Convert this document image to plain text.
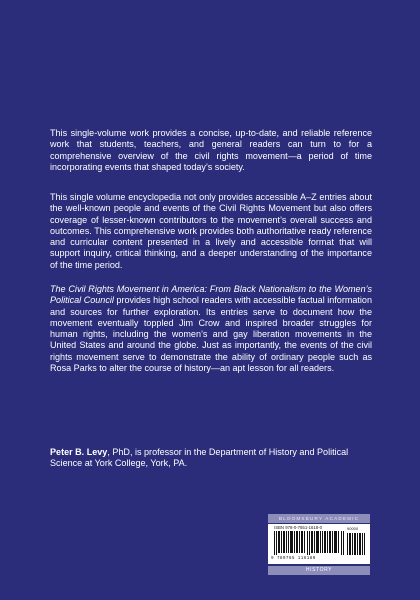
This single-volume work provides a concise, up-to-date, and reliable reference work that students, teachers, and general readers can turn to for a comprehensive overview of the civil rights movement—a period of time incorporating events that shaped today’s society.

This single volume encyclopedia not only provides accessible A–Z entries about the well-known people and events of the Civil Rights Movement but also offers coverage of lesser-known contributors to the movement’s overall success and outcomes. This comprehensive work provides both authoritative ready reference and curricular content presented in a lively and accessible format that will support inquiry, critical thinking, and a deeper understanding of the importance of the time period.

The Civil Rights Movement in America: From Black Nationalism to the Women’s Political Council provides high school readers with accessible factual information and sources for further exploration. Its entries serve to document how the movement eventually toppled Jim Crow and inspired broader struggles for human rights, including the women’s and gay liberation movements in the United States and around the globe. Just as importantly, the events of the civil rights movement serve to demonstrate the ability of ordinary people such as Rosa Parks to alter the course of history—an apt lesson for all readers.

Peter B. Levy, PhD, is professor in the Department of History and Political Science at York College, York, PA.
BLOOMSBURY ACADEMIC
ISBN 978-0-7651-1618-0	90000
9 780765 116180
HISTORY
